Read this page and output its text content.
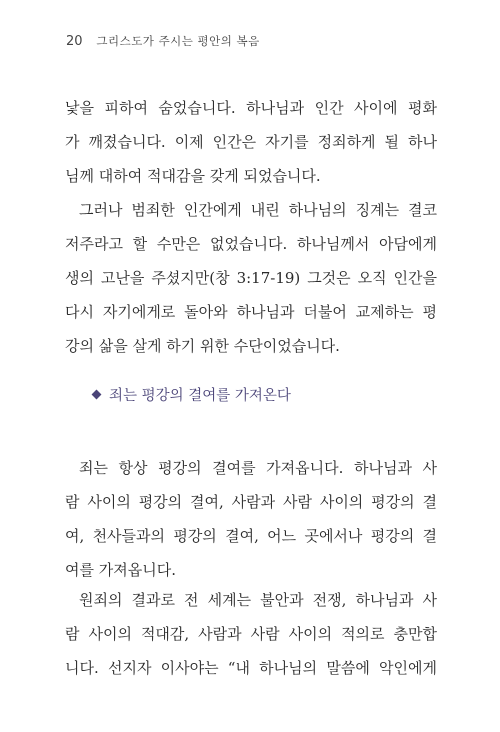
20 그리스도가 주시는 평안의 복음
낯을 피하여 숨었습니다. 하나님과 인간 사이에 평화
가 깨졌습니다. 이제 인간은 자기를 정죄하게 될 하나
님께 대하여 적대감을 갖게 되었습니다.
그러나 범죄한 인간에게 내린 하나님의 징계는 결코
저주라고 할 수만은 없었습니다. 하나님께서 아담에게
생의 고난을 주셨지만(창 3:17-19) 그것은 오직 인간을
다시 자기에게로 돌아와 하나님과 더불어 교제하는 평
강의 삶을 살게 하기 위한 수단이었습니다.
죄는 평강의 결여를 가져온다
죄는 항상 평강의 결여를 가져옵니다. 하나님과 사
람 사이의 평강의 결여, 사람과 사람 사이의 평강의 결
여, 천사들과의 평강의 결여, 어느 곳에서나 평강의 결
여를 가져옵니다.
원죄의 결과로 전 세계는 불안과 전쟁, 하나님과 사
람 사이의 적대감, 사람과 사람 사이의 적의로 충만합
니다. 선지자 이사야는 “내 하나님의 말씀에 악인에게
